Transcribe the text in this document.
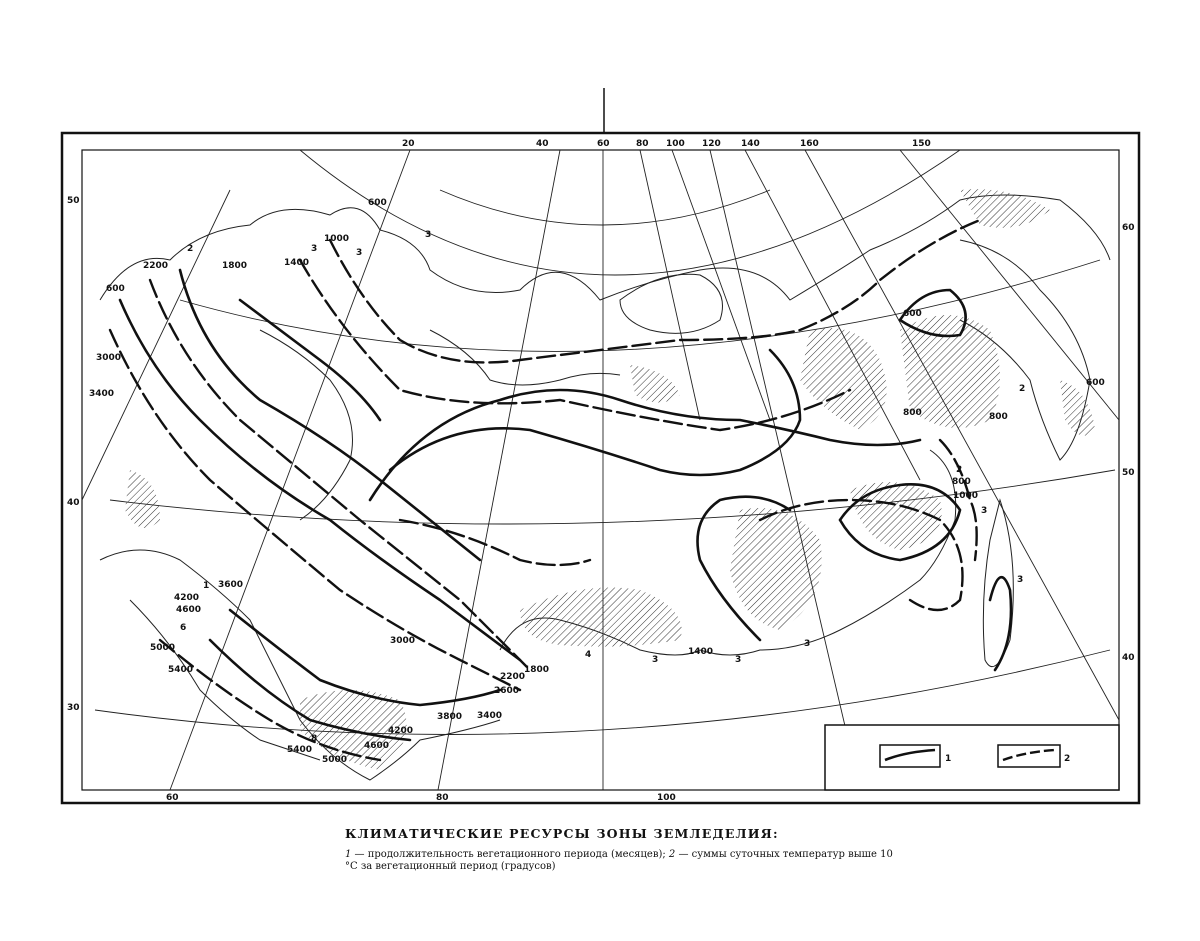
1	2
20	40	60	80 100 120 140	160	150
50
40
30
60
50
40
60	80	100
1
2	3
3
3
3
3
4
6
8
2
2
3
3
3
600
1000
1400
1800
2200
3000
3400
4200
4600
5000
5400
3600
3000
2200
2600
1800
1400
3400
4200
3800
4600
5400
5000
600
600
800	800
800
1000
600

КЛИМАТИЧЕСКИЕ РЕСУРСЫ ЗОНЫ ЗЕМЛЕДЕЛИЯ:

1 — продолжительность вегетационного периода (месяцев); 2 — суммы суточных температур выше 10 °С за вегетационный период (градусов)
